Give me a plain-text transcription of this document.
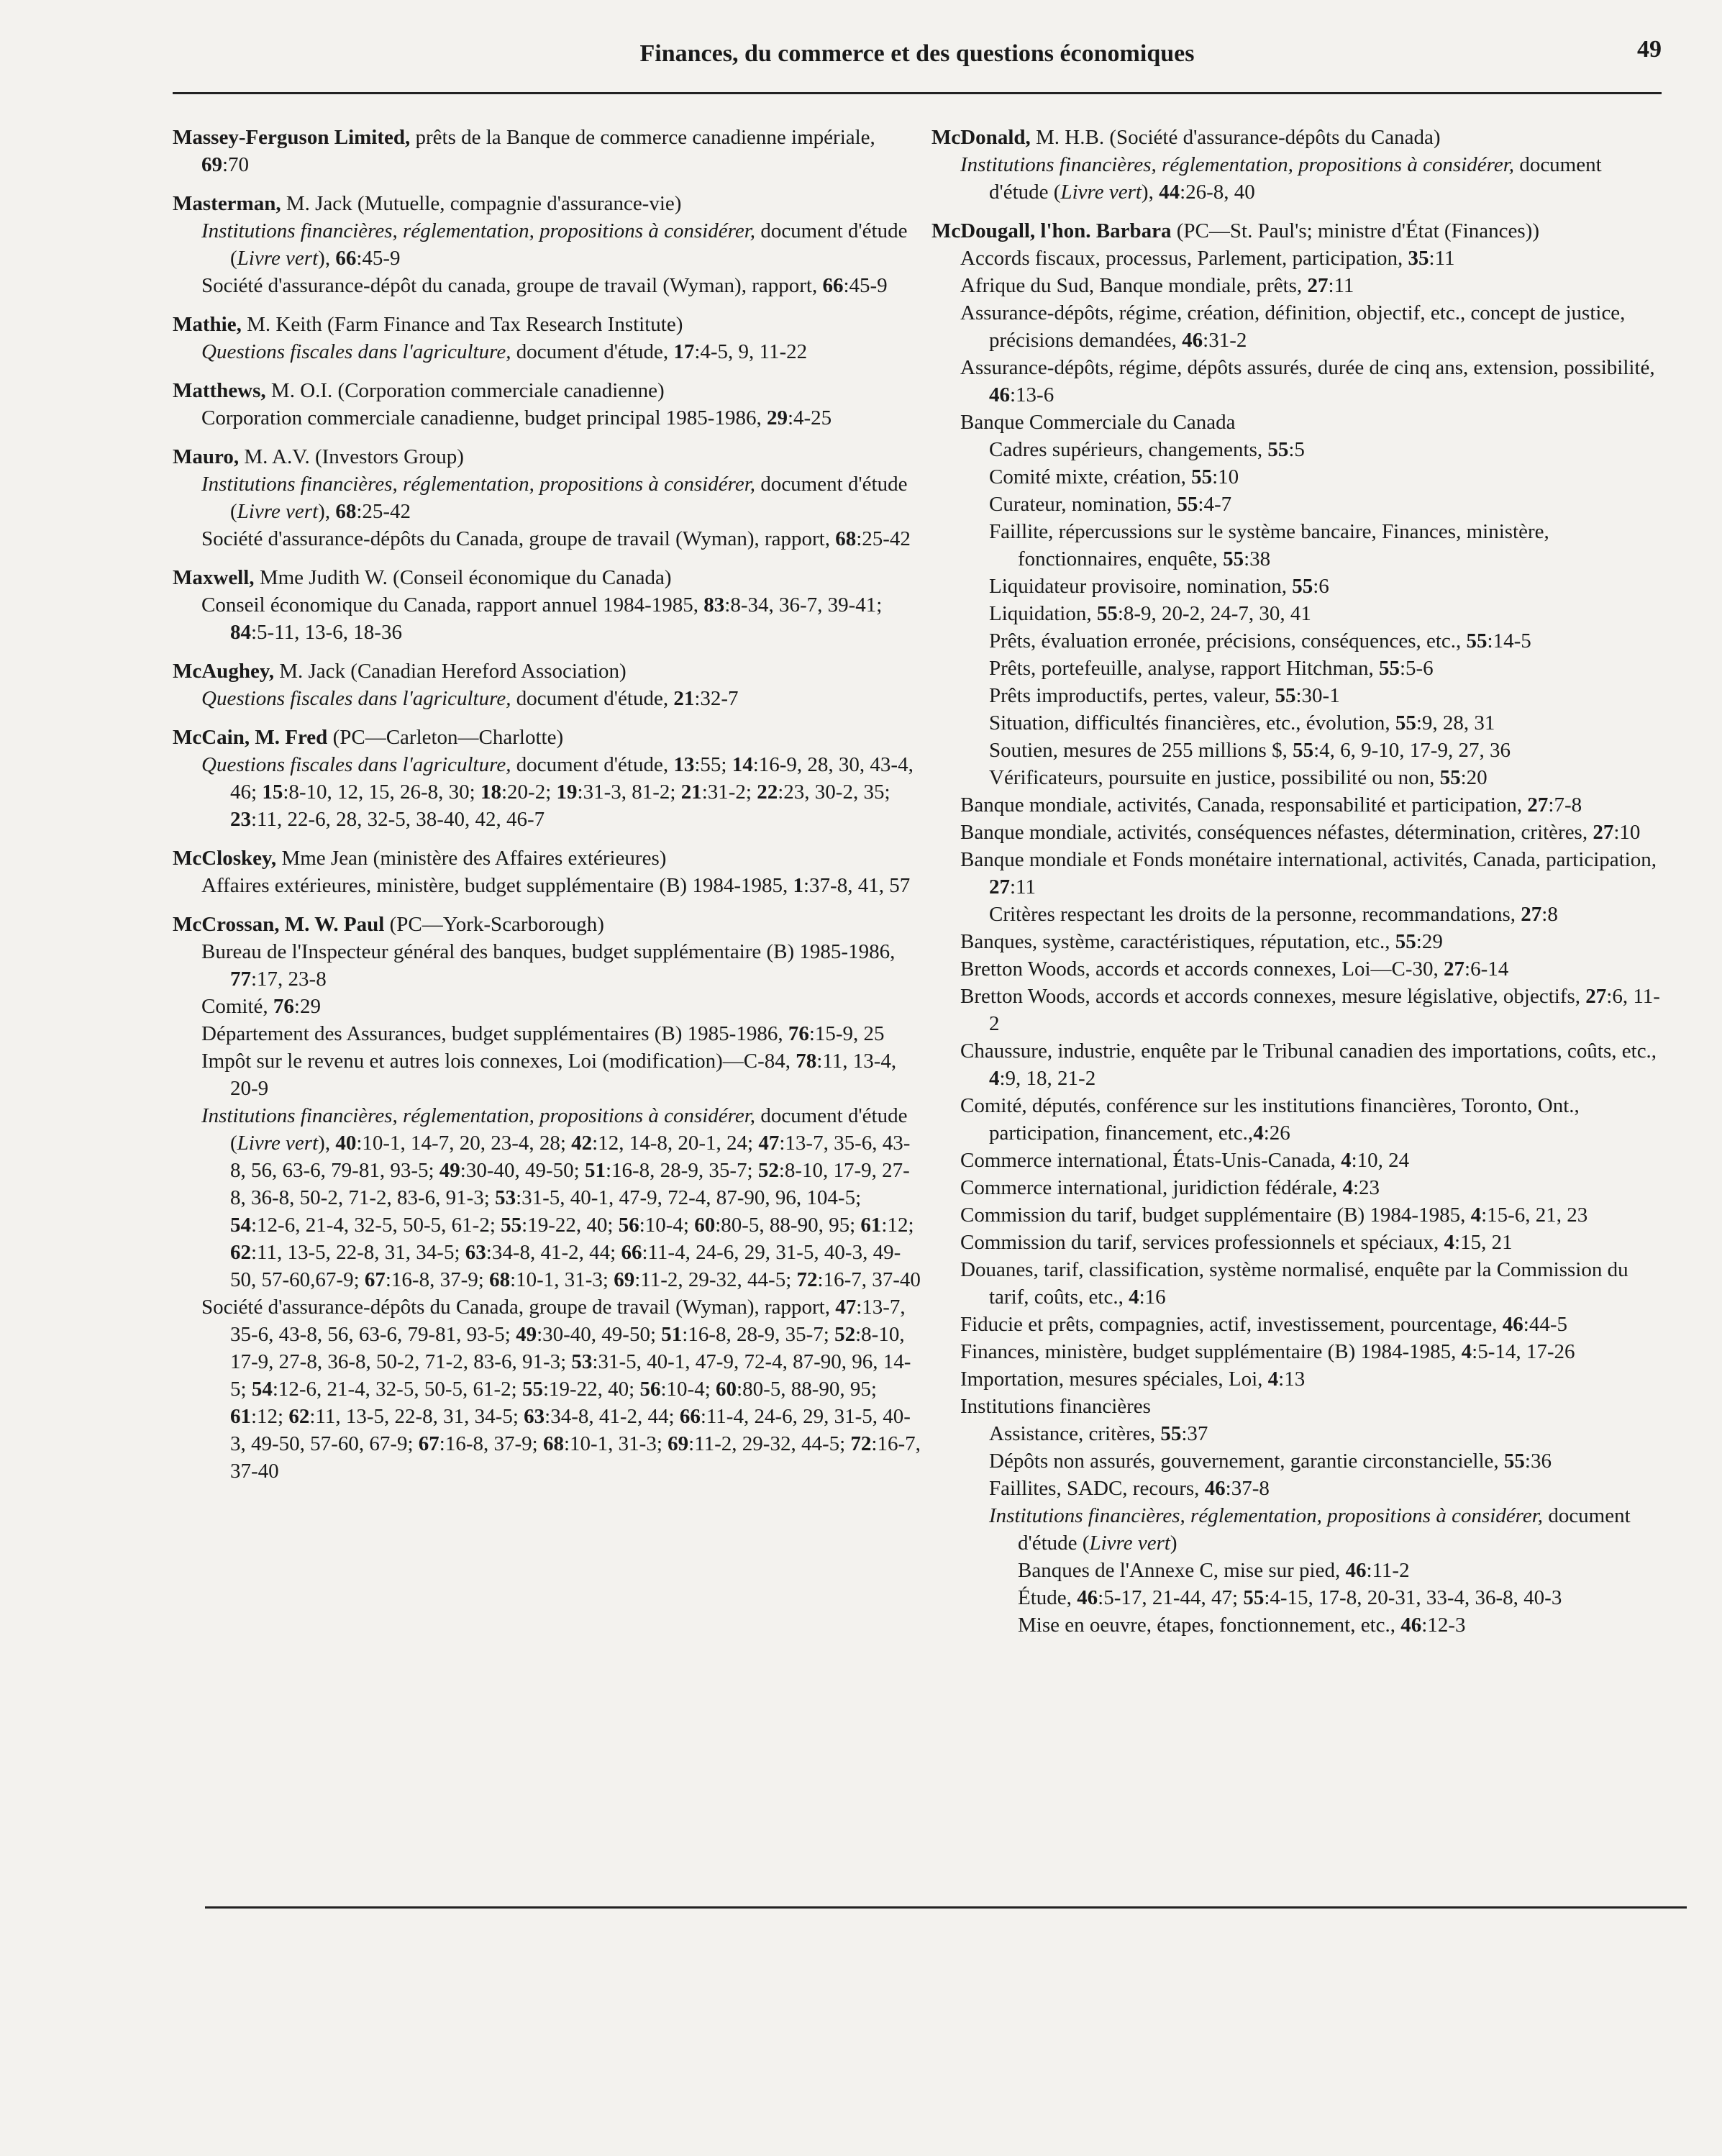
Finances, du commerce et des questions économiques	49
Massey-Ferguson Limited, prêts de la Banque de commerce canadienne impériale, 69:70
Masterman, M. Jack (Mutuelle, compagnie d'assurance-vie)
Institutions financières, réglementation, propositions à considérer, document d'étude (Livre vert), 66:45-9
Société d'assurance-dépôt du canada, groupe de travail (Wyman), rapport, 66:45-9
Mathie, M. Keith (Farm Finance and Tax Research Institute)
Questions fiscales dans l'agriculture, document d'étude, 17:4-5, 9, 11-22
Matthews, M. O.I. (Corporation commerciale canadienne)
Corporation commerciale canadienne, budget principal 1985-1986, 29:4-25
Mauro, M. A.V. (Investors Group)
Institutions financières, réglementation, propositions à considérer, document d'étude (Livre vert), 68:25-42
Société d'assurance-dépôts du Canada, groupe de travail (Wyman), rapport, 68:25-42
Maxwell, Mme Judith W. (Conseil économique du Canada)
Conseil économique du Canada, rapport annuel 1984-1985, 83:8-34, 36-7, 39-41; 84:5-11, 13-6, 18-36
McAughey, M. Jack (Canadian Hereford Association)
Questions fiscales dans l'agriculture, document d'étude, 21:32-7
McCain, M. Fred (PC—Carleton—Charlotte)
Questions fiscales dans l'agriculture, document d'étude, 13:55; 14:16-9, 28, 30, 43-4, 46; 15:8-10, 12, 15, 26-8, 30; 18:20-2; 19:31-3, 81-2; 21:31-2; 22:23, 30-2, 35; 23:11, 22-6, 28, 32-5, 38-40, 42, 46-7
McCloskey, Mme Jean (ministère des Affaires extérieures)
Affaires extérieures, ministère, budget supplémentaire (B) 1984-1985, 1:37-8, 41, 57
McCrossan, M. W. Paul (PC—York-Scarborough)
Bureau de l'Inspecteur général des banques, budget supplémentaire (B) 1985-1986, 77:17, 23-8
Comité, 76:29
Département des Assurances, budget supplémentaires (B) 1985-1986, 76:15-9, 25
Impôt sur le revenu et autres lois connexes, Loi (modification)—C-84, 78:11, 13-4, 20-9
Institutions financières, réglementation, propositions à considérer, document d'étude (Livre vert), 40:10-1, 14-7, 20, 23-4, 28; 42:12, 14-8, 20-1, 24; 47:13-7, 35-6, 43-8, 56, 63-6, 79-81, 93-5; 49:30-40, 49-50; 51:16-8, 28-9, 35-7; 52:8-10, 17-9, 27-8, 36-8, 50-2, 71-2, 83-6, 91-3; 53:31-5, 40-1, 47-9, 72-4, 87-90, 96, 104-5; 54:12-6, 21-4, 32-5, 50-5, 61-2; 55:19-22, 40; 56:10-4; 60:80-5, 88-90, 95; 61:12; 62:11, 13-5, 22-8, 31, 34-5; 63:34-8, 41-2, 44; 66:11-4, 24-6, 29, 31-5, 40-3, 49-50, 57-60,67-9; 67:16-8, 37-9; 68:10-1, 31-3; 69:11-2, 29-32, 44-5; 72:16-7, 37-40
Société d'assurance-dépôts du Canada, groupe de travail (Wyman), rapport, 47:13-7, 35-6, 43-8, 56, 63-6, 79-81, 93-5; 49:30-40, 49-50; 51:16-8, 28-9, 35-7; 52:8-10, 17-9, 27-8, 36-8, 50-2, 71-2, 83-6, 91-3; 53:31-5, 40-1, 47-9, 72-4, 87-90, 96, 14-5; 54:12-6, 21-4, 32-5, 50-5, 61-2; 55:19-22, 40; 56:10-4; 60:80-5, 88-90, 95; 61:12; 62:11, 13-5, 22-8, 31, 34-5; 63:34-8, 41-2, 44; 66:11-4, 24-6, 29, 31-5, 40-3, 49-50, 57-60, 67-9; 67:16-8, 37-9; 68:10-1, 31-3; 69:11-2, 29-32, 44-5; 72:16-7, 37-40
McDonald, M. H.B. (Société d'assurance-dépôts du Canada)
Institutions financières, réglementation, propositions à considérer, document d'étude (Livre vert), 44:26-8, 40
McDougall, l'hon. Barbara (PC—St. Paul's; ministre d'État (Finances))
Accords fiscaux, processus, Parlement, participation, 35:11
Afrique du Sud, Banque mondiale, prêts, 27:11
Assurance-dépôts, régime, création, définition, objectif, etc., concept de justice, précisions demandées, 46:31-2
Assurance-dépôts, régime, dépôts assurés, durée de cinq ans, extension, possibilité, 46:13-6
Banque Commerciale du Canada
Cadres supérieurs, changements, 55:5
Comité mixte, création, 55:10
Curateur, nomination, 55:4-7
Faillite, répercussions sur le système bancaire, Finances, ministère, fonctionnaires, enquête, 55:38
Liquidateur provisoire, nomination, 55:6
Liquidation, 55:8-9, 20-2, 24-7, 30, 41
Prêts, évaluation erronée, précisions, conséquences, etc., 55:14-5
Prêts, portefeuille, analyse, rapport Hitchman, 55:5-6
Prêts improductifs, pertes, valeur, 55:30-1
Situation, difficultés financières, etc., évolution, 55:9, 28, 31
Soutien, mesures de 255 millions $, 55:4, 6, 9-10, 17-9, 27, 36
Vérificateurs, poursuite en justice, possibilité ou non, 55:20
Banque mondiale, activités, Canada, responsabilité et participation, 27:7-8
Banque mondiale, activités, conséquences néfastes, détermination, critères, 27:10
Banque mondiale et Fonds monétaire international, activités, Canada, participation, 27:11
Critères respectant les droits de la personne, recommandations, 27:8
Banques, système, caractéristiques, réputation, etc., 55:29
Bretton Woods, accords et accords connexes, Loi—C-30, 27:6-14
Bretton Woods, accords et accords connexes, mesure législative, objectifs, 27:6, 11-2
Chaussure, industrie, enquête par le Tribunal canadien des importations, coûts, etc., 4:9, 18, 21-2
Comité, députés, conférence sur les institutions financières, Toronto, Ont., participation, financement, etc.,4:26
Commerce international, États-Unis-Canada, 4:10, 24
Commerce international, juridiction fédérale, 4:23
Commission du tarif, budget supplémentaire (B) 1984-1985, 4:15-6, 21, 23
Commission du tarif, services professionnels et spéciaux, 4:15, 21
Douanes, tarif, classification, système normalisé, enquête par la Commission du tarif, coûts, etc., 4:16
Fiducie et prêts, compagnies, actif, investissement, pourcentage, 46:44-5
Finances, ministère, budget supplémentaire (B) 1984-1985, 4:5-14, 17-26
Importation, mesures spéciales, Loi, 4:13
Institutions financières
Assistance, critères, 55:37
Dépôts non assurés, gouvernement, garantie circonstancielle, 55:36
Faillites, SADC, recours, 46:37-8
Institutions financières, réglementation, propositions à considérer, document d'étude (Livre vert)
Banques de l'Annexe C, mise sur pied, 46:11-2
Étude, 46:5-17, 21-44, 47; 55:4-15, 17-8, 20-31, 33-4, 36-8, 40-3
Mise en oeuvre, étapes, fonctionnement, etc., 46:12-3
